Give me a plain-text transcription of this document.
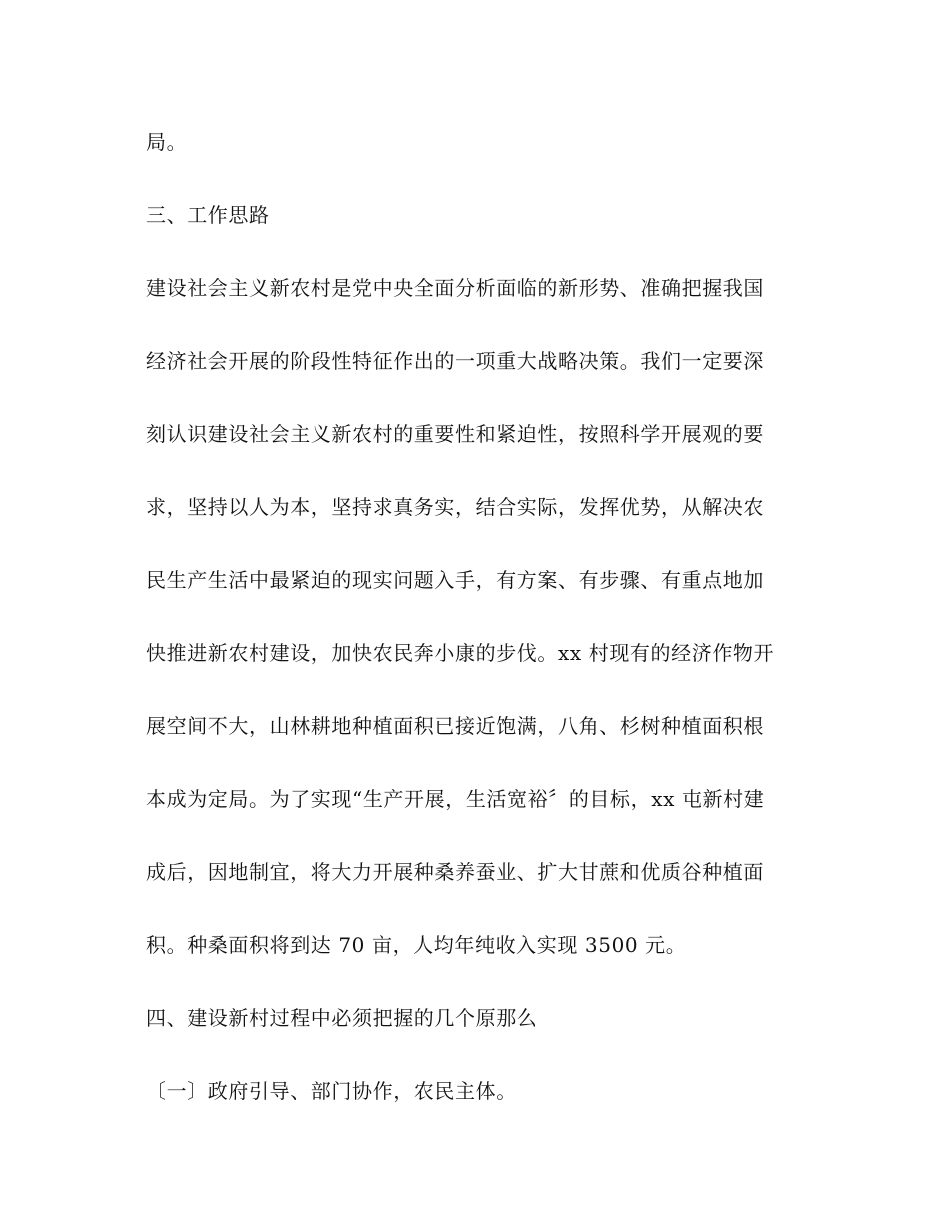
局。
三、工作思路
建设社会主义新农村是党中央全面分析面临的新形势、准确把握我国
经济社会开展的阶段性特征作出的一项重大战略决策。我们一定要深
刻认识建设社会主义新农村的重要性和紧迫性，按照科学开展观的要
求，坚持以人为本，坚持求真务实，结合实际，发挥优势，从解决农
民生产生活中最紧迫的现实问题入手，有方案、有步骤、有重点地加
快推进新农村建设，加快农民奔小康的步伐。xx 村现有的经济作物开
展空间不大，山林耕地种植面积已接近饱满，八角、杉树种植面积根
本成为定局。为了实现“生产开展，生活宽裕〞的目标，xx 屯新村建
成后，因地制宜，将大力开展种桑养蚕业、扩大甘蔗和优质谷种植面
积。种桑面积将到达 70 亩，人均年纯收入实现 3500 元。
四、建设新村过程中必须把握的几个原那么
〔一〕政府引导、部门协作，农民主体。
